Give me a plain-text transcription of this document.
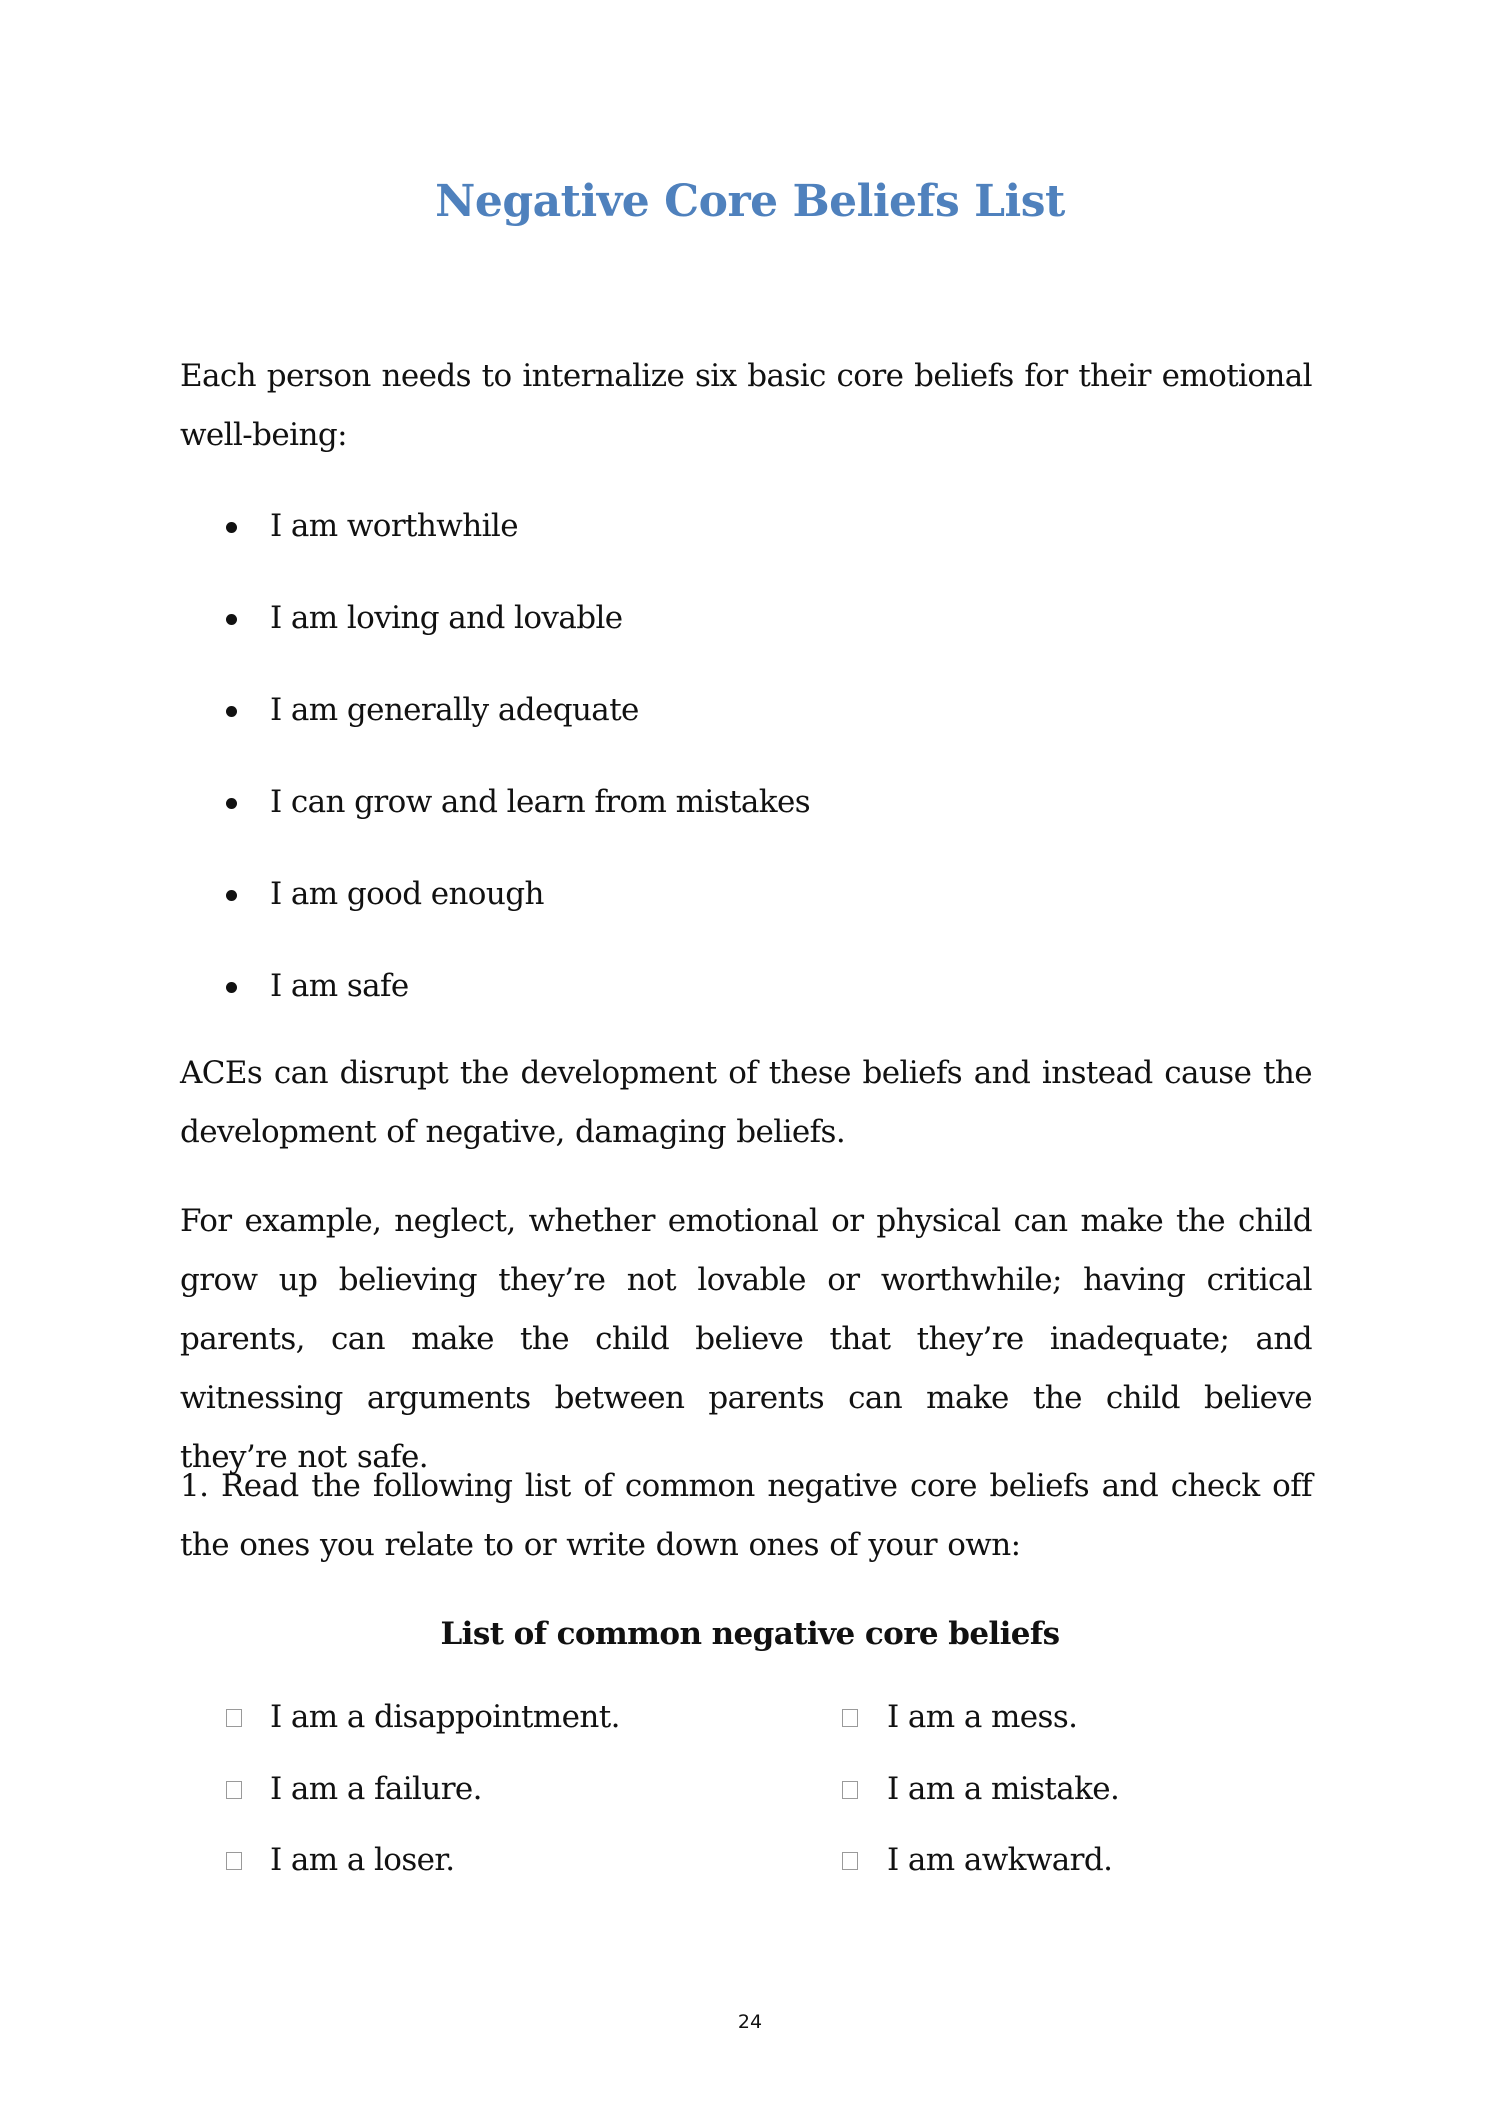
Negative Core Beliefs List

Each person needs to internalize six basic core beliefs for their emotional well-being:

I am worthwhile
I am loving and lovable
I am generally adequate
I can grow and learn from mistakes
I am good enough
I am safe

ACEs can disrupt the development of these beliefs and instead cause the development of negative, damaging beliefs.

For example, neglect, whether emotional or physical can make the child grow up believing they’re not lovable or worthwhile; having critical parents, can make the child believe that they’re inadequate; and witnessing arguments between parents can make the child believe they’re not safe.

1. Read the following list of common negative core beliefs and check off the ones you relate to or write down ones of your own:

List of common negative core beliefs
I am a disappointment.
I am a failure.
I am a loser.
I am a mess.
I am a mistake.
I am awkward.
24
